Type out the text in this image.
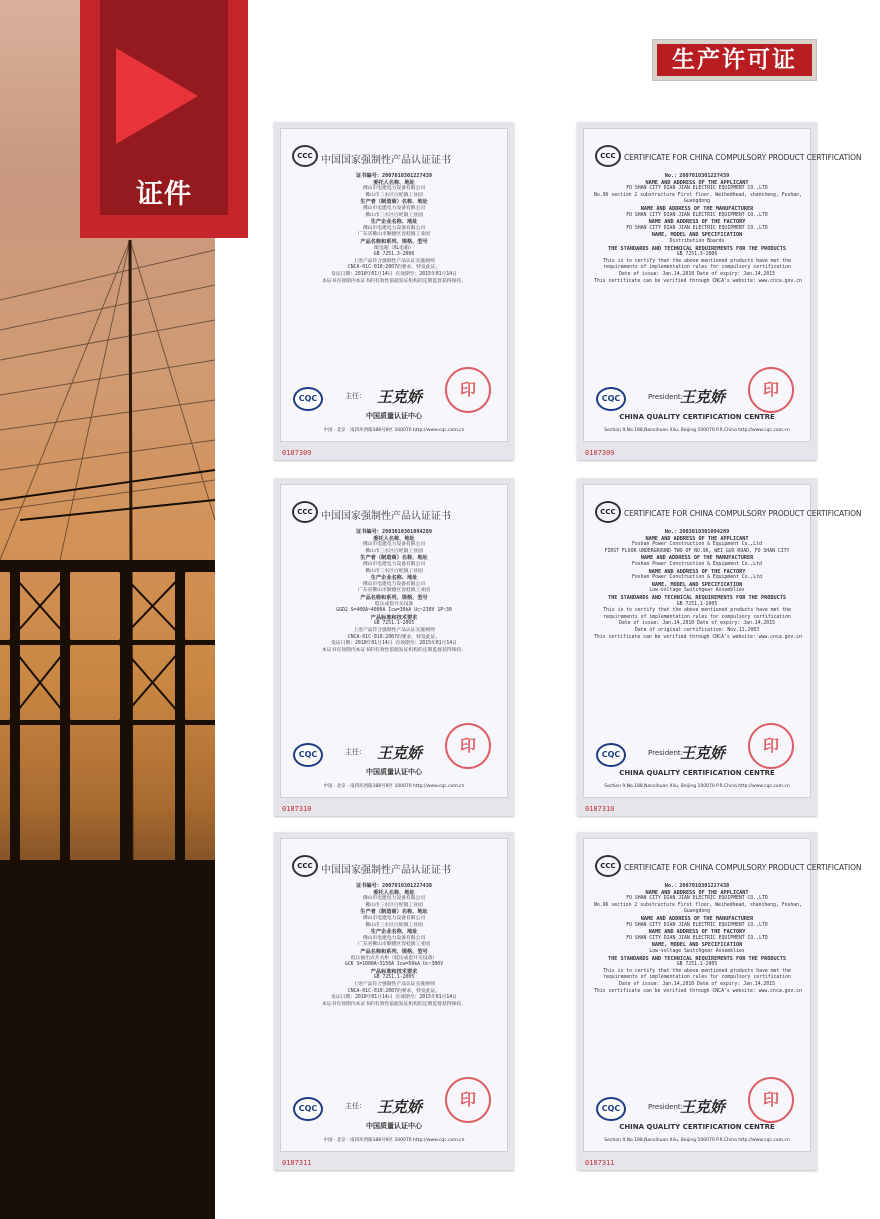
证件
生产许可证
CCC 中国国家强制性产品认证证书
证书编号：2007010301227439
委托人名称、地址
佛山市电建电力设备有限公司
佛山市三水区白坭镇工业园
生产者（制造商）名称、地址
佛山市电建电力设备有限公司
佛山市三水区白坭镇工业园
生产企业名称、地址
佛山市电建电力设备有限公司
广东省佛山市顺德区容桂镇工业园
产品名称和系列、规格、型号
配电箱（XL电箱）
GB 7251.3-2006
上述产品符合强制性产品认证实施规则
CNCA-01C-010:2007的要求，特发此证。
发证日期：2010年01月14日 有效期至：2015年01月14日
本证书有效期内本证书的有效性依据发证机构的定期监督获得保持。
CQC	主任： 王克娇	印
中国质量认证中心
中国 · 北京 · 南四环西路188号9区 100070 http://www.cqc.com.cn
0187309
CCC	CERTIFICATE FOR CHINA COMPULSORY PRODUCT CERTIFICATION
No.：2007010301227439
NAME AND ADDRESS OF THE APPLICANT
FO SHAN CITY DIAN JIAN ELECTRIC EQUIPMENT CO.,LTD
No.96 section 2 substructure First floor, Weihedhead, shancheng, Foshan,
Guangdong
NAME AND ADDRESS OF THE MANUFACTURER
FO SHAN CITY DIAN JIAN ELECTRIC EQUIPMENT CO.,LTD
NAME AND ADDRESS OF THE FACTORY
FO SHAN CITY DIAN JIAN ELECTRIC EQUIPMENT CO.,LTD
NAME, MODEL AND SPECIFICATION
Distribution Boards
THE STANDARDS AND TECHNICAL REQUIREMENTS FOR THE PRODUCTS
GB 7251.3-2006
This is to certify that the above mentioned products have met the
requirements of implementation rules for compulsory certification
Date of issue: Jan.14,2010 Date of expiry: Jan.14,2015
This certificate can be verified through CNCA's website: www.cnca.gov.cn
CQC	President:
王克娇	印
CHINA QUALITY CERTIFICATION CENTRE
Section 9,No.188,Nansihuan Xilu, Beijing 100070 P.R.China http://www.cqc.com.cn
0187309
CCC 中国国家强制性产品认证证书
证书编号：2003010301094289
委托人名称、地址
佛山市电建电力设备有限公司
佛山市三水区白坭镇工业园
生产者（制造商）名称、地址
佛山市电建电力设备有限公司
佛山市三水区白坭镇工业园
生产企业名称、地址
佛山市电建电力设备有限公司
广东省佛山市顺德区容桂镇工业园
产品名称和系列、规格、型号
低压成套开关设备
GGD2 S=400A~4000A Icw=30kA Uc~230V 1P~30
产品标准和技术要求
GB 7251.1-2005
上述产品符合强制性产品认证实施规则
CNCA-01C-010:2007的要求，特发此证。
发证日期：2010年01月14日 有效期至：2015年01月14日
本证书有效期内本证书的有效性依据发证机构的定期监督获得保持。
CQC	主任： 王克娇	印
中国质量认证中心
中国 · 北京 · 南四环西路188号9区 100070 http://www.cqc.com.cn
0187310
CCC	CERTIFICATE FOR CHINA COMPULSORY PRODUCT CERTIFICATION
No.：2003010301094289
NAME AND ADDRESS OF THE APPLICANT
Foshan Power Construction & Equipment Co.,Ltd
FIRST FLOOR UNDERGROUND TWO OF NO.96, WEI GUO ROAD, FO SHAN CITY
NAME AND ADDRESS OF THE MANUFACTURER
Foshan Power Construction & Equipment Co.,Ltd
NAME AND ADDRESS OF THE FACTORY
Foshan Power Construction & Equipment Co.,Ltd
NAME, MODEL AND SPECIFICATION
Low-voltage Switchgear Assemblies
THE STANDARDS AND TECHNICAL REQUIREMENTS FOR THE PRODUCTS
GB 7251.1-2005
This is to certify that the above mentioned products have met the
requirements of implementation rules for compulsory certification
Date of issue: Jan.14,2010 Date of expiry: Jan.14,2015
Date of original certification: Nov.11,2003
This certificate can be verified through CNCA's website: www.cnca.gov.cn
CQC	President:
王克娇	印
CHINA QUALITY CERTIFICATION CENTRE
Section 9,No.188,Nansihuan Xilu, Beijing 100070 P.R.China http://www.cqc.com.cn
0187310
CCC 中国国家强制性产品认证证书
证书编号：2007010301227438
委托人名称、地址
佛山市电建电力设备有限公司
佛山市三水区白坭镇工业园
生产者（制造商）名称、地址
佛山市电建电力设备有限公司
佛山市三水区白坭镇工业园
生产企业名称、地址
佛山市电建电力设备有限公司
广东省佛山市顺德区容桂镇工业园
产品名称和系列、规格、型号
低压抽出式开关柜（低压成套开关设备）
GCK S=1000A~3150A Icw=50kA Uc~380V
产品标准和技术要求
GB 7251.1-2005
上述产品符合强制性产品认证实施规则
CNCA-01C-010:2007的要求，特发此证。
发证日期：2010年01月14日 有效期至：2015年01月14日
本证书有效期内本证书的有效性依据发证机构的定期监督获得保持。
CQC	主任： 王克娇	印
中国质量认证中心
中国 · 北京 · 南四环西路188号9区 100070 http://www.cqc.com.cn
0187311
CCC	CERTIFICATE FOR CHINA COMPULSORY PRODUCT CERTIFICATION
No.：2007010301227438
NAME AND ADDRESS OF THE APPLICANT
FO SHAN CITY DIAN JIAN ELECTRIC EQUIPMENT CO.,LTD
No.96 section 2 substructure First floor, Weihedhead, shancheng, Foshan,
Guangdong
NAME AND ADDRESS OF THE MANUFACTURER
FO SHAN CITY DIAN JIAN ELECTRIC EQUIPMENT CO.,LTD
NAME AND ADDRESS OF THE FACTORY
FO SHAN CITY DIAN JIAN ELECTRIC EQUIPMENT CO.,LTD
NAME, MODEL AND SPECIFICATION
Low-voltage Switchgear Assemblies
THE STANDARDS AND TECHNICAL REQUIREMENTS FOR THE PRODUCTS
GB 7251.1-2005
This is to certify that the above mentioned products have met the
requirements of implementation rules for compulsory certification
Date of issue: Jan.14,2010 Date of expiry: Jan.14,2015
This certificate can be verified through CNCA's website: www.cnca.gov.cn
CQC	President:
王克娇	印
CHINA QUALITY CERTIFICATION CENTRE
Section 9,No.188,Nansihuan Xilu, Beijing 100070 P.R.China http://www.cqc.com.cn
0187311
